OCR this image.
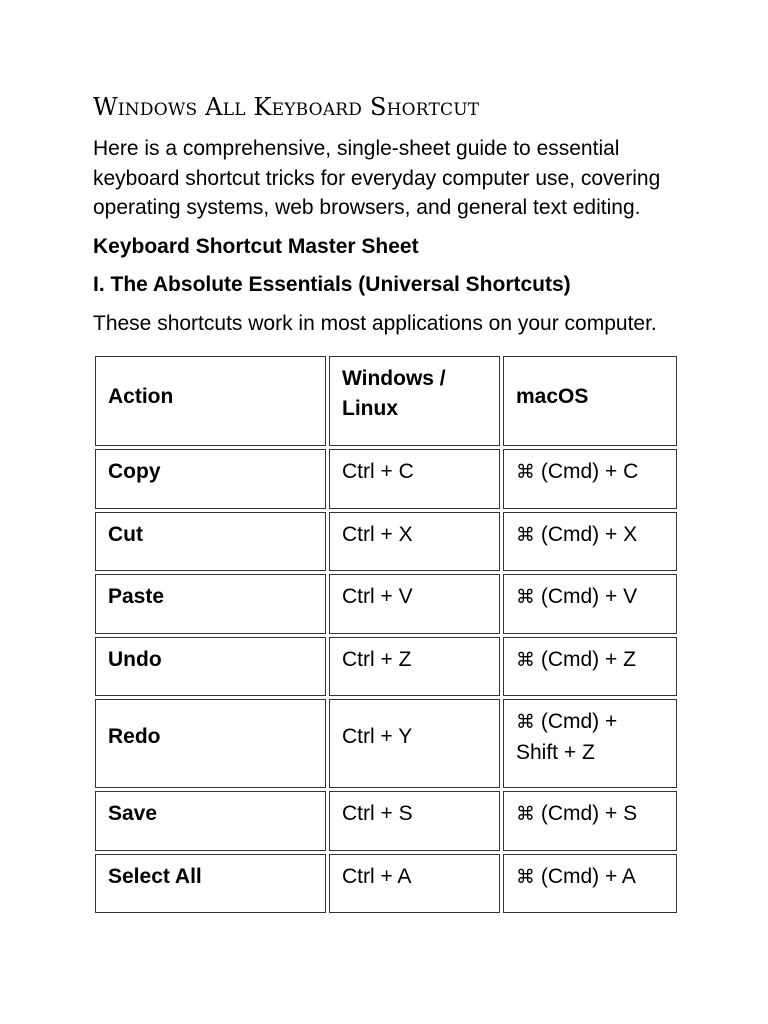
Windows All Keyboard Shortcut

Here is a comprehensive, single-sheet guide to essential keyboard shortcut tricks for everyday computer use, covering operating systems, web browsers, and general text editing.

Keyboard Shortcut Master Sheet

I. The Absolute Essentials (Universal Shortcuts)

These shortcuts work in most applications on your computer.

Action	Windows / Linux	macOS
Copy	Ctrl + C	⌘ (Cmd) + C
Cut	Ctrl + X	⌘ (Cmd) + X
Paste	Ctrl + V	⌘ (Cmd) + V
Undo	Ctrl + Z	⌘ (Cmd) + Z
Redo	Ctrl + Y	⌘ (Cmd) + Shift + Z
Save	Ctrl + S	⌘ (Cmd) + S
Select All	Ctrl + A	⌘ (Cmd) + A
